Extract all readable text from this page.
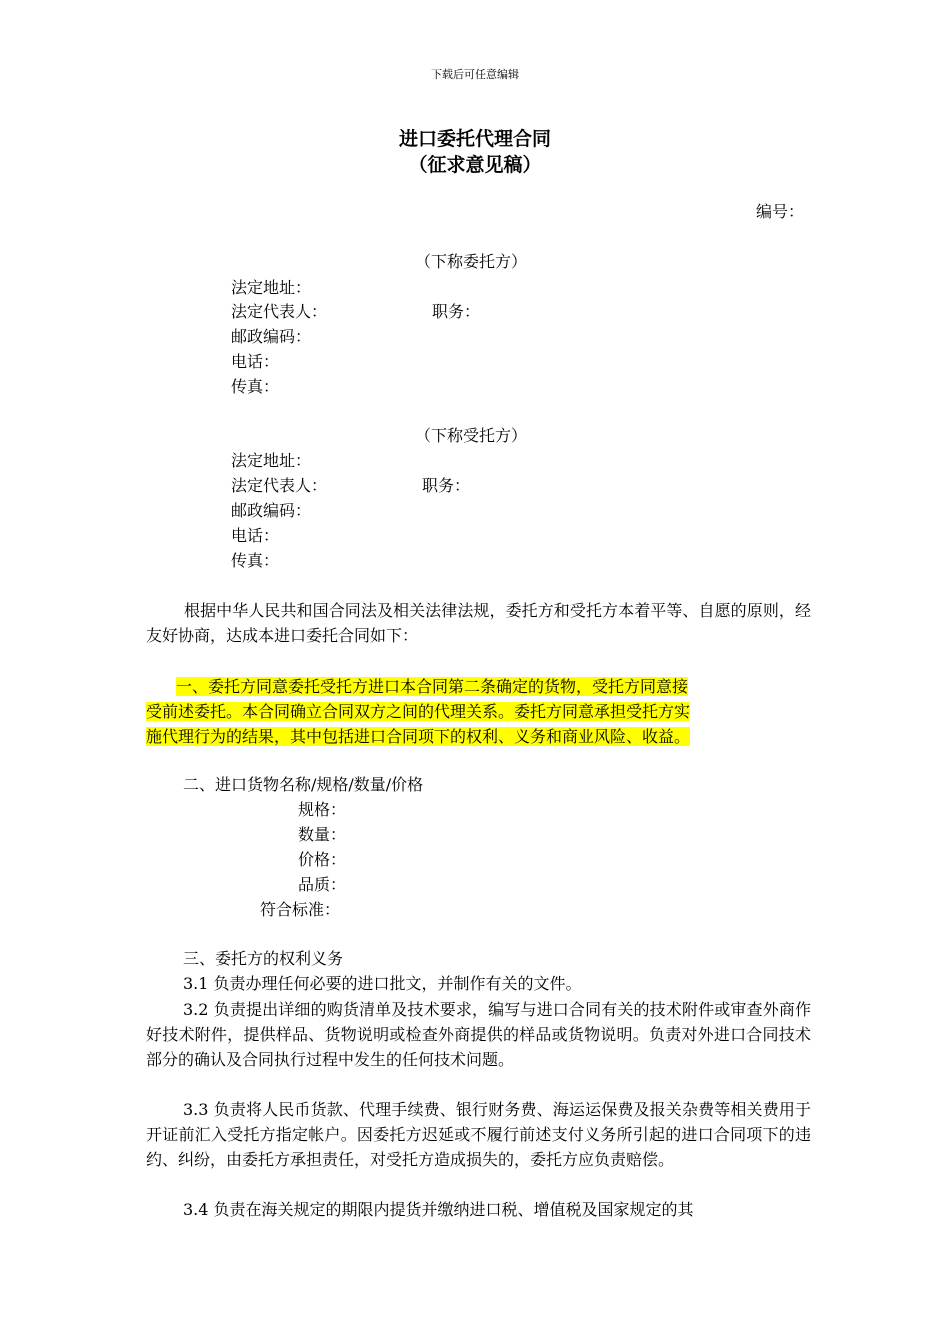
下载后可任意编辑
进口委托代理合同
（征求意见稿）
编号：
（下称委托方）
法定地址：
法定代表人：	职务：
邮政编码：
电话：
传真：
（下称受托方）
法定地址：
法定代表人：	职务：
邮政编码：
电话：
传真：
根据中华人民共和国合同法及相关法律法规，委托方和受托方本着平等、自愿的原则，经友好协商，达成本进口委托合同如下：
一、委托方同意委托受托方进口本合同第二条确定的货物，受托方同意接
受前述委托。本合同确立合同双方之间的代理关系。委托方同意承担受托方实
施代理行为的结果，其中包括进口合同项下的权利、义务和商业风险、收益。
二、进口货物名称/规格/数量/价格
规格：
数量：
价格：
品质：
符合标准：
三、委托方的权利义务
3.1 负责办理任何必要的进口批文，并制作有关的文件。
3.2 负责提出详细的购货清单及技术要求，编写与进口合同有关的技术附件或审查外商作好技术附件，提供样品、货物说明或检查外商提供的样品或货物说明。负责对外进口合同技术部分的确认及合同执行过程中发生的任何技术问题。
3.3 负责将人民币货款、代理手续费、银行财务费、海运运保费及报关杂费等相关费用于开证前汇入受托方指定帐户。因委托方迟延或不履行前述支付义务所引起的进口合同项下的违约、纠纷，由委托方承担责任，对受托方造成损失的，委托方应负责赔偿。
3.4 负责在海关规定的期限内提货并缴纳进口税、增值税及国家规定的其
